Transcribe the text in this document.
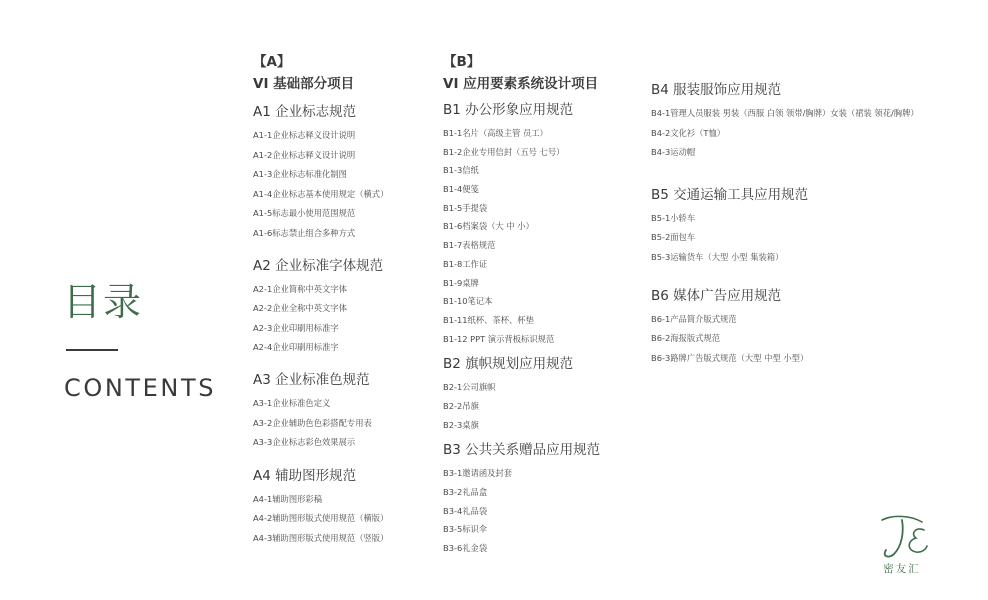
目录
CONTENTS
【A】
VI 基础部分项目
A1 企业标志规范
A1-1企业标志释义设计说明
A1-2企业标志释义设计说明
A1-3企业标志标准化制图
A1-4企业标志基本使用规定（横式）
A1-5标志最小使用范围规范
A1-6标志禁止组合多种方式
A2 企业标准字体规范
A2-1企业简称中英文字体
A2-2企业全称中英文字体
A2-3企业印刷用标准字
A2-4企业印刷用标准字
A3 企业标准色规范
A3-1企业标准色定义
A3-2企业辅助色色彩搭配专用表
A3-3企业标志彩色效果展示
A4 辅助图形规范
A4-1辅助图形彩稿
A4-2辅助图形版式使用规范（横版）
A4-3辅助图形版式使用规范（竖版）
【B】
VI 应用要素系统设计项目
B1 办公形象应用规范
B1-1名片（高级主管 员工）
B1-2企业专用信封（五号 七号）
B1-3信纸
B1-4便笺
B1-5手提袋
B1-6档案袋（大 中 小）
B1-7表格规范
B1-8工作证
B1-9桌牌
B1-10笔记本
B1-11纸杯、茶杯、杯垫
B1-12 PPT 演示背板标识规范
B2 旗帜规划应用规范
B2-1公司旗帜
B2-2吊旗
B2-3桌旗
B3 公共关系赠品应用规范
B3-1邀请函及封套
B3-2礼品盒
B3-4礼品袋
B3-5标识伞
B3-6礼金袋
B4 服装服饰应用规范
B4-1管理人员服装 男装（西服 白领 领带/胸牌）女装（裙装 领花/胸牌）
B4-2文化衫（T恤）
B4-3运动帽
B5 交通运输工具应用规范
B5-1小轿车
B5-2面包车
B5-3运输货车（大型 小型 集装箱）
B6 媒体广告应用规范
B6-1产品简介版式规范
B6-2海报版式规范
B6-3路牌广告版式规范（大型 中型 小型）
密友汇
